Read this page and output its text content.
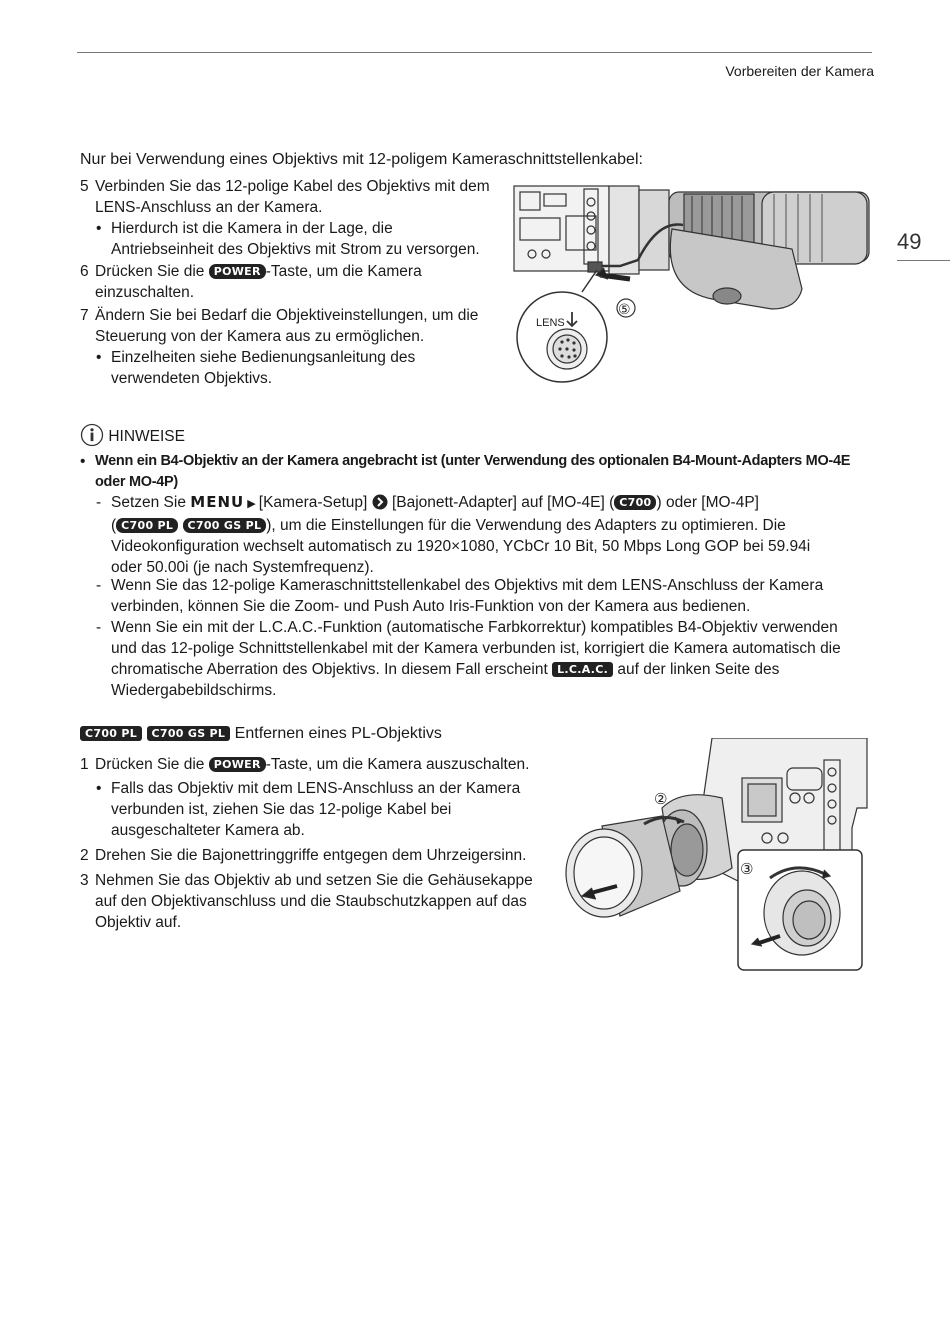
Vorbereiten der Kamera
49
Nur bei Verwendung eines Objektivs mit 12-poligem Kameraschnittstellenkabel:
5 Verbinden Sie das 12-polige Kabel des Objektivs mit dem
LENS-Anschluss an der Kamera.
• Hierdurch ist die Kamera in der Lage, die
Antriebseinheit des Objektivs mit Strom zu versorgen.
6 Drücken Sie die POWER -Taste, um die Kamera
einzuschalten.
7 Ändern Sie bei Bedarf die Objektiveinstellungen, um die
Steuerung von der Kamera aus zu ermöglichen.
• Einzelheiten siehe Bedienungsanleitung des
verwendeten Objektivs.
LENS
⑤
HINWEISE
• Wenn ein B4-Objektiv an der Kamera angebracht ist (unter Verwendung des optionalen B4-Mount-Adapters MO-4E
oder MO-4P)
- Setzen Sie MENU ▶ [Kamera-Setup] [Bajonett-Adapter] auf [MO-4E] ( C700 ) oder [MO-4P]
( C700 PL C700 GS PL ), um die Einstellungen für die Verwendung des Adapters zu optimieren. Die
Videokonfiguration wechselt automatisch zu 1920×1080, YCbCr 10 Bit, 50 Mbps Long GOP bei 59.94i
oder 50.00i (je nach Systemfrequenz).
- Wenn Sie das 12-polige Kameraschnittstellenkabel des Objektivs mit dem LENS-Anschluss der Kamera
verbinden, können Sie die Zoom- und Push Auto Iris-Funktion von der Kamera aus bedienen.
- Wenn Sie ein mit der L.C.A.C.-Funktion (automatische Farbkorrektur) kompatibles B4-Objektiv verwenden
und das 12-polige Schnittstellenkabel mit der Kamera verbunden ist, korrigiert die Kamera automatisch die
chromatische Aberration des Objektivs. In diesem Fall erscheint L.C.A.C. auf der linken Seite des
Wiedergabebildschirms.
C700 PL C700 GS PL Entfernen eines PL-Objektivs
1 Drücken Sie die POWER -Taste, um die Kamera auszuschalten.
• Falls das Objektiv mit dem LENS-Anschluss an der Kamera
verbunden ist, ziehen Sie das 12-polige Kabel bei
ausgeschalteter Kamera ab.
2 Drehen Sie die Bajonettringgriffe entgegen dem Uhrzeigersinn.
3 Nehmen Sie das Objektiv ab und setzen Sie die Gehäusekappe
auf den Objektivanschluss und die Staubschutzkappen auf das
Objektiv auf.
②
③
